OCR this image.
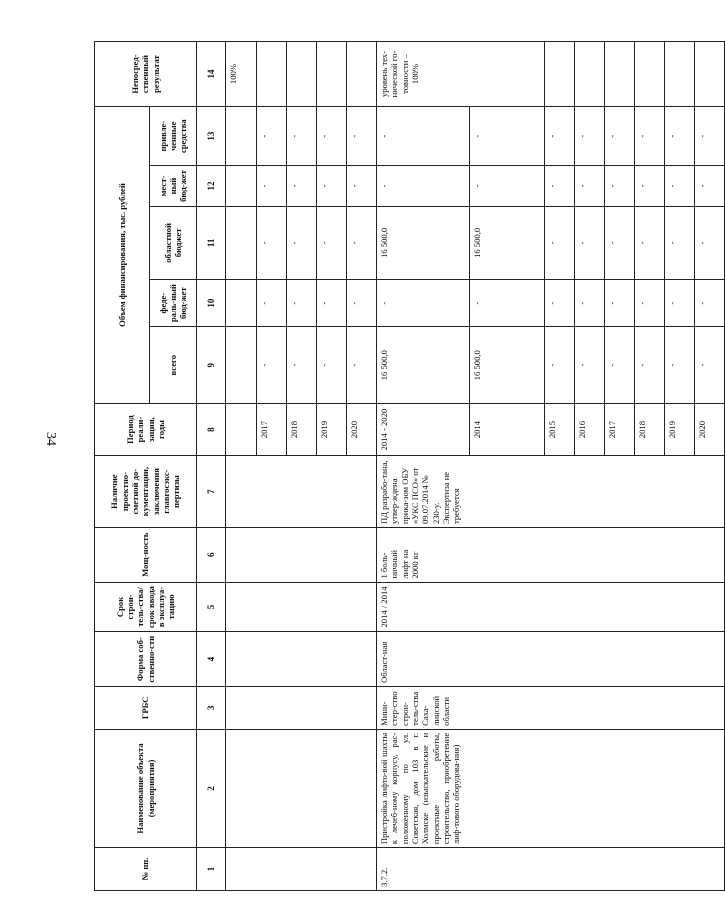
34
№ пп.	Наименование объекта (мероприятия)	ГРБС	Форма соб-ственно-сти	Срок строи-тель-ства/срок ввода в эксплуа-тацию	Мощ-ность	Наличие проектно-сметной до-кументации, заключения главгосэкс-пертизы	Период реали-зации, годы	Объем финансирования, тыс. рублей					Непосред-ственный результат
								всего	феде-раль-ный бюд-жет	областной бюджет	мест-ный бюд-жет	привле-ченные средства	
1	2	3	4	5	6	7	8	9	10	11	12	13	14
													100%
							2017	-	-	-	-	-	
							2018	-	-	-	-	-	
							2019	-	-	-	-	-	
							2020	-	-	-	-	-	
3.7.2.	Пристройка лифто-вой шахты к лечеб-ному корпусу, рас-положенному по ул. Советская, дом 103 в г. Холмске (изыскательские и проектные работы, строительство, приобретение лиф-тового оборудова-ния)	Мини-стер-ство строи-тель-ства Саха-линской области	Област-ная	2014 / 2014	1 боль-ничный лифт на 2000 кг	ПД разрабо-тана, утвер-ждена прика-зом ОБУ «УКС ПСО» от 09.07.2014 № 230-у. Экспертиза не требуется	2014 - 2020	16 500,0	-	16 500,0	-	-	уровень тех-нической го-товности – 100%
							2014	16 500,0	-	16 500,0	-	-	
							2015	-	-	-	-	-	
							2016	-	-	-	-	-	
							2017	-	-	-	-	-	
							2018	-	-	-	-	-	
							2019	-	-	-	-	-	
							2020	-	-	-	-	-	
